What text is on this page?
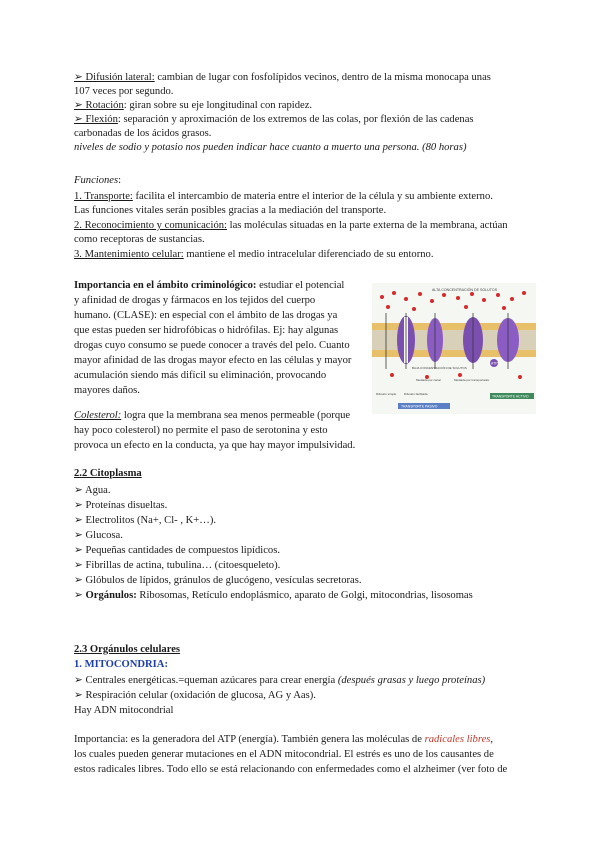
➢ Difusión lateral: cambian de lugar con fosfolípidos vecinos, dentro de la misma monocapa unas
107 veces por segundo.
➢ Rotación: giran sobre su eje longitudinal con rapidez.
➢ Flexión: separación y aproximación de los extremos de las colas, por flexión de las cadenas
carbonadas de los ácidos grasos.
niveles de sodio y potasio nos pueden indicar hace cuanto a muerto una persona. (80 horas)
Funciones:
1. Transporte: facilita el intercambio de materia entre el interior de la célula y su ambiente externo.
Las funciones vitales serán posibles gracias a la mediación del transporte.
2. Reconocimiento y comunicación: las moléculas situadas en la parte externa de la membrana, actúan
como receptoras de sustancias.
3. Mantenimiento celular: mantiene el medio intracelular diferenciado de su entorno.
Importancia en el ámbito criminológico: estudiar el potencial
y afinidad de drogas y fármacos en los tejidos del cuerpo
humano. (CLASE): en especial con el ámbito de las drogas ya
que estas pueden ser hidrofóbicas o hidrófilas. Ej: hay algunas
drogas cuyo consumo se puede conocer a través del pelo. Cuanto
mayor afinidad de las drogas mayor efecto en las células y mayor
acumulación siendo más difícil su eliminación, provocando
mayores daños.
ALTA CONCENTRACIÓN DE SOLUTOS
ATP
BAJA CONCENTRACIÓN DE SOLUTOS
Mediada por canal	Mediada por transportador
Difusión simple	Difusión facilitada
TRANSPORTE PASIVO
TRANSPORTE ACTIVO
Colesterol: logra que la membrana sea menos permeable (porque
hay poco colesterol) no permite el paso de serotonina y esto
provoca un efecto en la conducta, ya que hay mayor impulsividad.
2.2 Citoplasma
➢ Agua.
➢ Proteínas disueltas.
➢ Electrolitos (Na+, Cl- , K+…).
➢ Glucosa.
➢ Pequeñas cantidades de compuestos lipídicos.
➢ Fibrillas de actina, tubulina… (citoesqueleto).
➢ Glóbulos de lípidos, gránulos de glucógeno, vesículas secretoras.
➢ Orgánulos: Ribosomas, Retículo endoplásmico, aparato de Golgi, mitocondrias, lisosomas
2.3 Orgánulos celulares
1. MITOCONDRIA:
➢ Centrales energéticas.=queman azúcares para crear energía (después grasas y luego proteínas)
➢ Respiración celular (oxidación de glucosa, AG y Aas).
Hay ADN mitocondrial
Importancia: es la generadora del ATP (energía). También genera las moléculas de radicales libres,
los cuales pueden generar mutaciones en el ADN mitocondrial. El estrés es uno de los causantes de
estos radicales libres. Todo ello se está relacionando con enfermedades como el alzheimer (ver foto de
